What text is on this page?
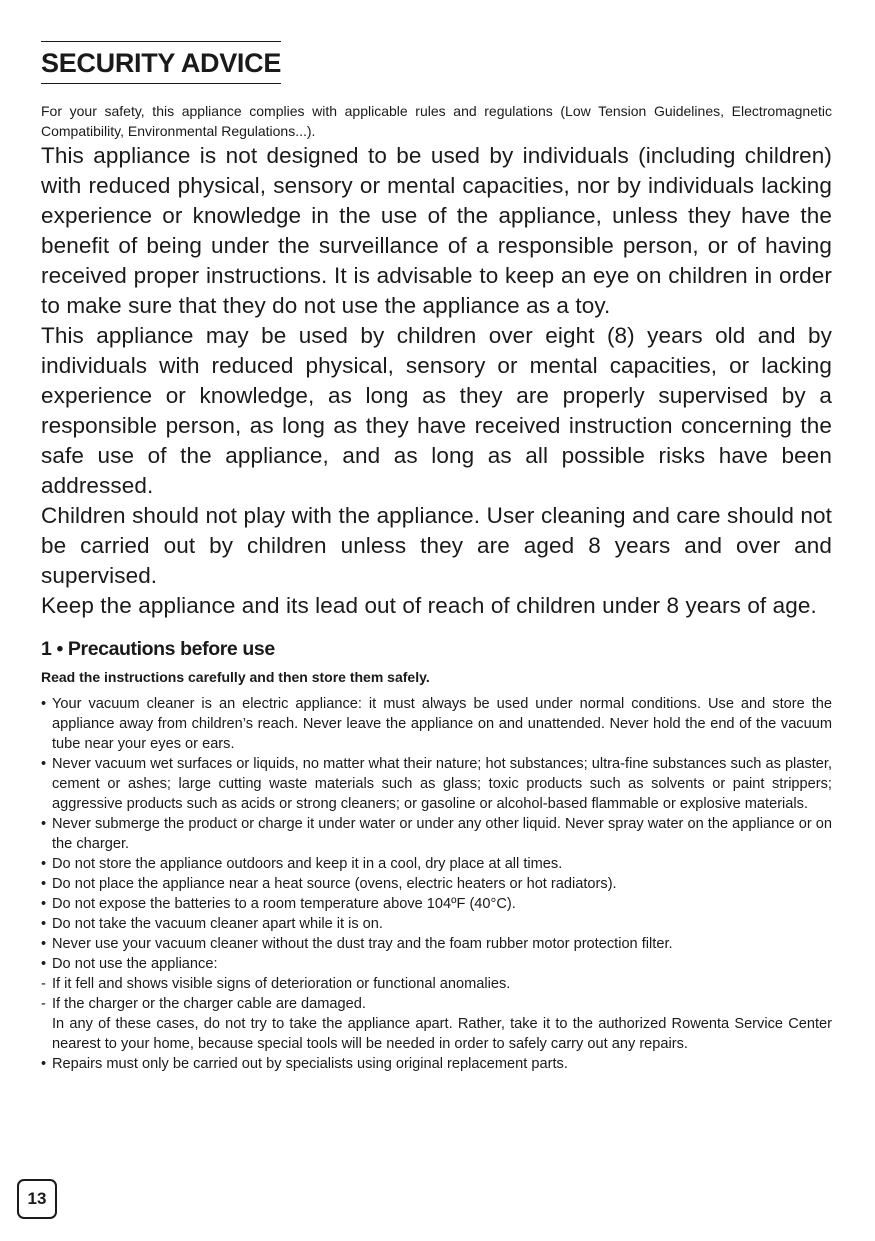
SECURITY ADVICE

For your safety, this appliance complies with applicable rules and regulations (Low Tension Guidelines, Electromagnetic Compatibility, Environmental Regulations...).

This appliance is not designed to be used by individuals (including children) with reduced physical, sensory or mental capacities, nor by individuals lacking experience or knowledge in the use of the appliance, unless they have the benefit of being under the surveillance of a responsible person, or of having received proper instructions. It is advisable to keep an eye on children in order to make sure that they do not use the appliance as a toy.

This appliance may be used by children over eight (8) years old and by individuals with reduced physical, sensory or mental capacities, or lacking experience or knowledge, as long as they are properly supervised by a responsible person, as long as they have received instruction concerning the safe use of the appliance, and as long as all possible risks have been addressed.

Children should not play with the appliance. User cleaning and care should not be carried out by children unless they are aged 8 years and over and supervised.

Keep the appliance and its lead out of reach of children under 8 years of age.

1 • Precautions before use

Read the instructions carefully and then store them safely.

• Your vacuum cleaner is an electric appliance: it must always be used under normal conditions. Use and store the appliance away from children’s reach. Never leave the appliance on and unattended. Never hold the end of the vacuum tube near your eyes or ears.
• Never vacuum wet surfaces or liquids, no matter what their nature; hot substances; ultra-fine substances such as plaster, cement or ashes; large cutting waste materials such as glass; toxic products such as solvents or paint strippers; aggressive products such as acids or strong cleaners; or gasoline or alcohol-based flammable or explosive materials.
• Never submerge the product or charge it under water or under any other liquid. Never spray water on the appliance or on the charger.
• Do not store the appliance outdoors and keep it in a cool, dry place at all times.
• Do not place the appliance near a heat source (ovens, electric heaters or hot radiators).
• Do not expose the batteries to a room temperature above 104ºF (40°C).
• Do not take the vacuum cleaner apart while it is on.
• Never use your vacuum cleaner without the dust tray and the foam rubber motor protection filter.
• Do not use the appliance:
- If it fell and shows visible signs of deterioration or functional anomalies.
- If the charger or the charger cable are damaged.
In any of these cases, do not try to take the appliance apart. Rather, take it to the authorized Rowenta Service Center nearest to your home, because special tools will be needed in order to safely carry out any repairs.
• Repairs must only be carried out by specialists using original replacement parts.
13
